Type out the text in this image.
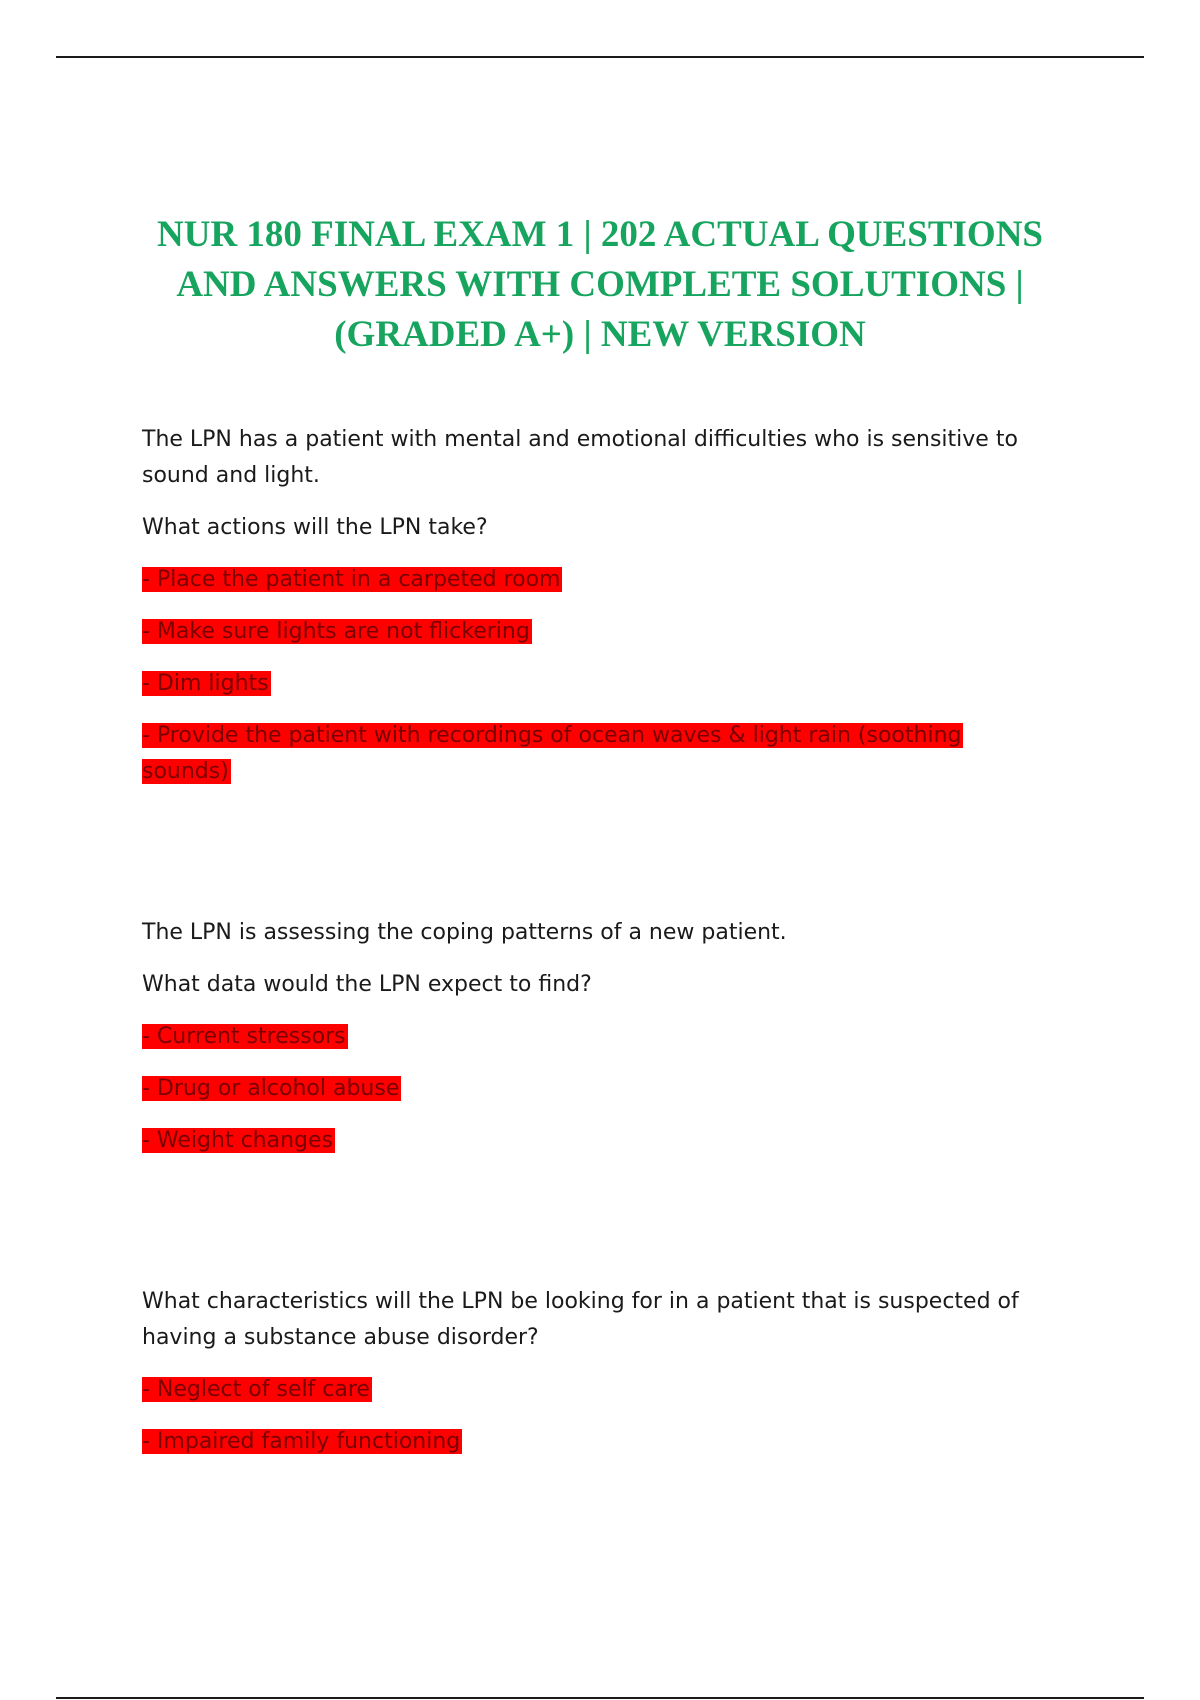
NUR 180 FINAL EXAM 1 | 202 ACTUAL QUESTIONS AND ANSWERS WITH COMPLETE SOLUTIONS | (GRADED A+) | NEW VERSION

The LPN has a patient with mental and emotional difficulties who is sensitive to sound and light.

What actions will the LPN take?

- Place the patient in a carpeted room
- Make sure lights are not flickering
- Dim lights
- Provide the patient with recordings of ocean waves & light rain (soothing sounds)

The LPN is assessing the coping patterns of a new patient.

What data would the LPN expect to find?

- Current stressors
- Drug or alcohol abuse
- Weight changes

What characteristics will the LPN be looking for in a patient that is suspected of having a substance abuse disorder?

- Neglect of self care
- Impaired family functioning
